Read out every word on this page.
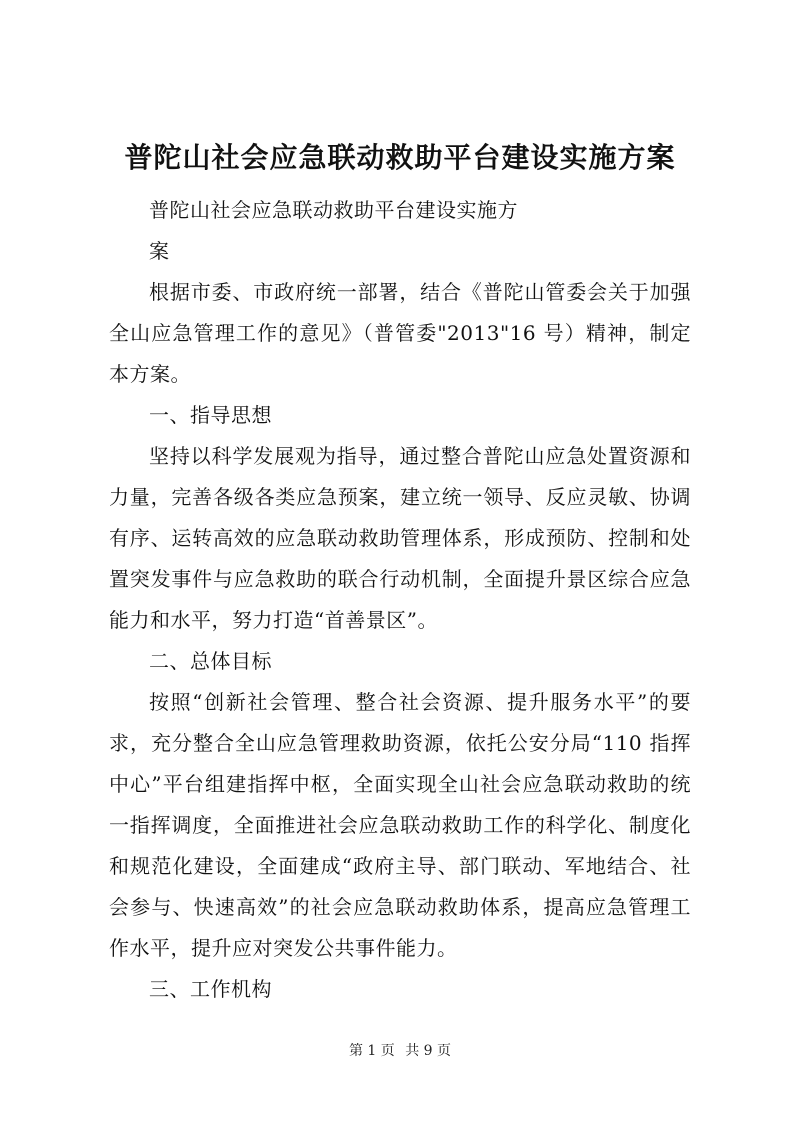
普陀山社会应急联动救助平台建设实施方案

普陀山社会应急联动救助平台建设实施方

案

根据市委、市政府统一部署，结合《普陀山管委会关于加强全山应急管理工作的意见》（普管委"2013"16 号）精神，制定本方案。

一、指导思想

坚持以科学发展观为指导，通过整合普陀山应急处置资源和力量，完善各级各类应急预案，建立统一领导、反应灵敏、协调有序、运转高效的应急联动救助管理体系，形成预防、控制和处置突发事件与应急救助的联合行动机制，全面提升景区综合应急能力和水平，努力打造“首善景区”。

二、总体目标

按照“创新社会管理、整合社会资源、提升服务水平”的要求，充分整合全山应急管理救助资源，依托公安分局“110 指挥中心”平台组建指挥中枢，全面实现全山社会应急联动救助的统一指挥调度，全面推进社会应急联动救助工作的科学化、制度化和规范化建设，全面建成“政府主导、部门联动、军地结合、社会参与、快速高效”的社会应急联动救助体系，提高应急管理工作水平，提升应对突发公共事件能力。

三、工作机构

第 1 页 共 9 页
